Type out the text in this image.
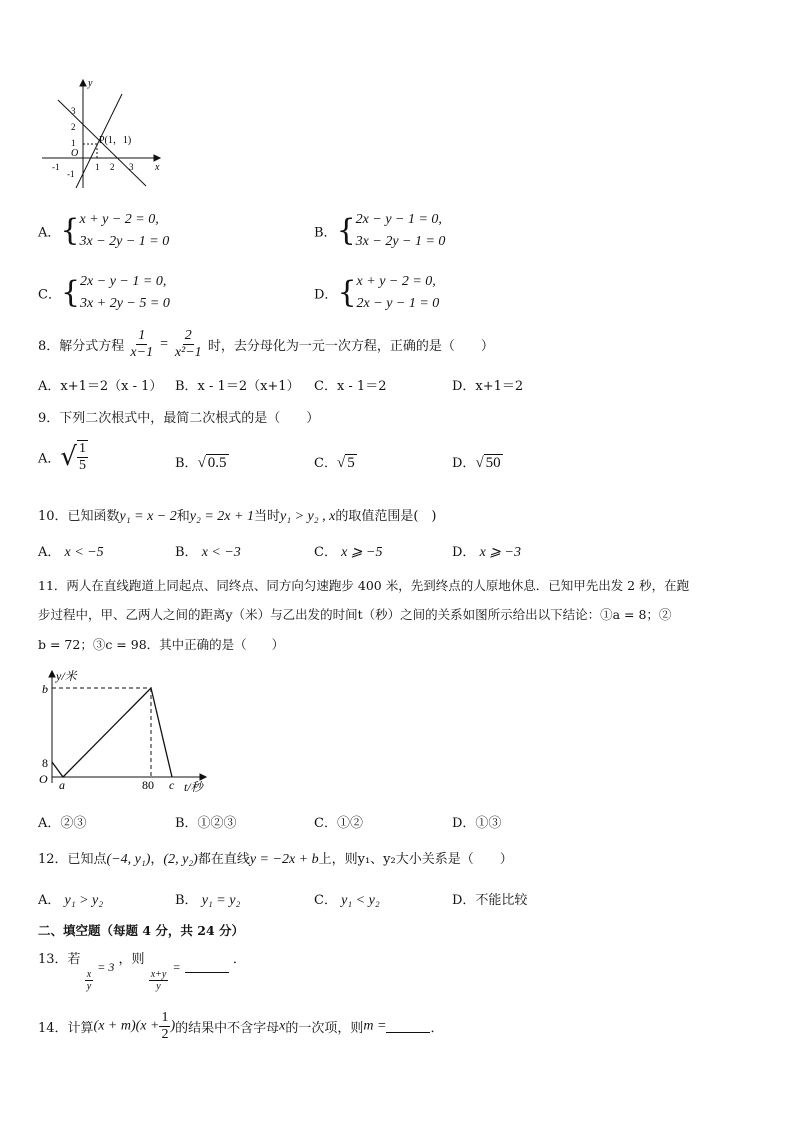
y
x
O
P(1，1)
-1	1 2 3
3
2
1
-1
A．{ x + y − 2 = 0,
3x − 2y − 1 = 0
B．{ 2x − y − 1 = 0,
3x − 2y − 1 = 0
C．{ 2x − y − 1 = 0,
3x + 2y − 5 = 0
D．{ x + y − 2 = 0,
2x − y − 1 = 0
8．解分式方程 $\frac{1}{x-1} = \frac{2}{\text{x²−1}}$ 时，去分母化为一元一次方程，正确的是（　　）
A．x+1＝2（x - 1） B．x - 1＝2（x+1） C．x - 1＝2	D．x+1＝2
9．下列二次根式中，最简二次根式的是（　　）
A．√ $\frac{1}{5}$	B．√ 0.5	C．√ 5	D．√ 50
10．已知函数y₁ = x − 2和y₂ = 2x + 1当时y₁ > y₂ , x的取值范围是(　)
A． x < −5	B． x < −3	C． x ⩾ −5	D． x ⩾ −3
11．两人在直线跑道上同起点、同终点、同方向匀速跑步 400 米，先到终点的人原地休息．已知甲先出发 2 秒，在跑
步过程中，甲、乙两人之间的距离y（米）与乙出发的时间t（秒）之间的关系如图所示给出以下结论：①a = 8；②
b = 72；③c = 98．其中正确的是（　　）
y/米
t/秒
O
b
8
a	80 c
A．②③	B．①②③	C．①②	D．①③
12．已知点(−4, y₁)，(2, y₂)都在直线y = −2x + b上，则y₁、y₂大小关系是（　　）
A． y₁ > y₂	B． y₁ = y₂	C． y₁ < y₂	D．不能比较
二、填空题（每题 4 分，共 24 分）
13．若
$\frac{x}{y}$
= 3 ，则
$\frac{x+y}{y}$
=	．
14．计算$(x + m)(x + \frac{1}{2}$ )的结果中不含字母x的一次项，则m =	．
